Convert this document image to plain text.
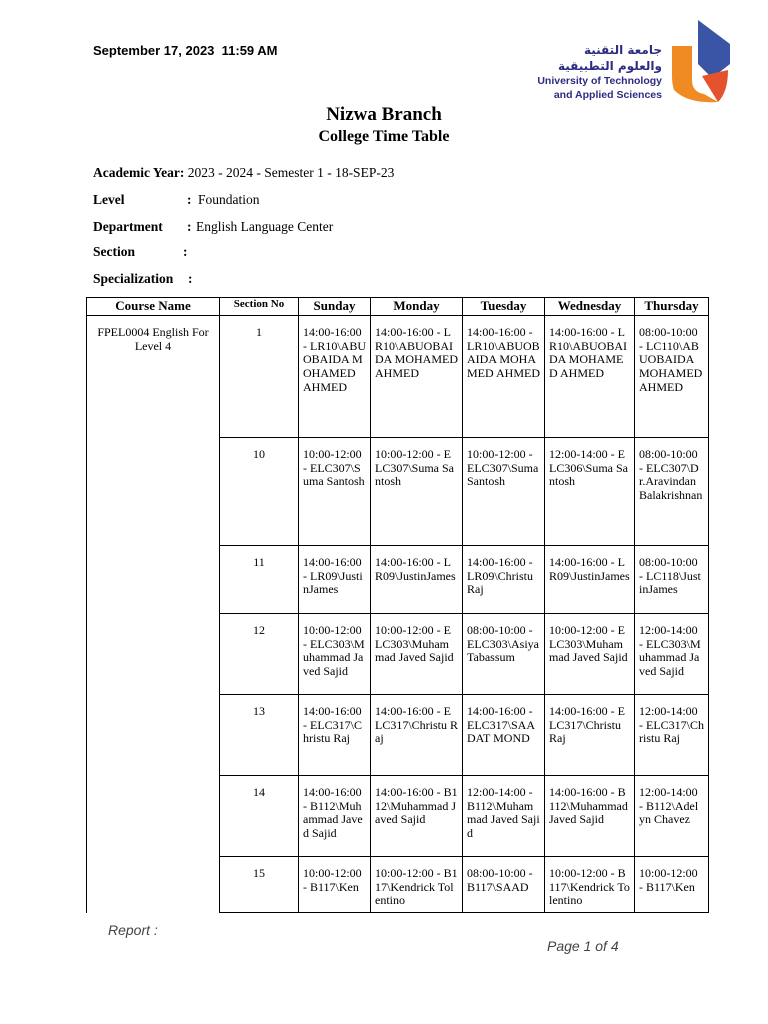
September 17, 2023  11:59 AM	جامعة التقنية
والعلوم التطبيقية
University of Technology
and Applied Sciences
Nizwa Branch
College Time Table
Academic Year: 2023 - 2024 - Semester 1 - 18-SEP-23
Level	: Foundation
Department : English Language Center
Section	:
Specialization :
Course Name	Section No	Sunday	Monday	Tuesday	Wednesday	Thursday
FPEL0004 English For Level 4	1	14:00-16:00 - LR10\ABUOBAIDA MOHAMED AHMED	14:00-16:00 - LR10\ABUOBAIDA MOHAMED AHMED	14:00-16:00 - LR10\ABUOBAIDA MOHAMED AHMED	14:00-16:00 - LR10\ABUOBAIDA MOHAMED AHMED	08:00-10:00 - LC110\ABUOBAIDA MOHAMED AHMED
	10	10:00-12:00 - ELC307\Suma Santosh	10:00-12:00 - ELC307\Suma Santosh	10:00-12:00 - ELC307\Suma Santosh	12:00-14:00 - ELC306\Suma Santosh	08:00-10:00 - ELC307\Dr.Aravindan Balakrishnan
	11	14:00-16:00 - LR09\JustinJames	14:00-16:00 - LR09\JustinJames	14:00-16:00 - LR09\Christu Raj	14:00-16:00 - LR09\JustinJames	08:00-10:00 - LC118\JustinJames
	12	10:00-12:00 - ELC303\Muhammad Javed Sajid	10:00-12:00 - ELC303\Muhammad Javed Sajid	08:00-10:00 - ELC303\Asiya Tabassum	10:00-12:00 - ELC303\Muhammad Javed Sajid	12:00-14:00 - ELC303\Muhammad Javed Sajid
	13	14:00-16:00 - ELC317\Christu Raj	14:00-16:00 - ELC317\Christu Raj	14:00-16:00 - ELC317\SAADAT MOND	14:00-16:00 - ELC317\Christu Raj	12:00-14:00 - ELC317\Christu Raj
	14	14:00-16:00 - B112\Muhammad Javed Sajid	14:00-16:00 - B112\Muhammad Javed Sajid	12:00-14:00 - B112\Muhammad Javed Sajid	14:00-16:00 - B112\Muhammad Javed Sajid	12:00-14:00 - B112\Adelyn Chavez
	15	10:00-12:00 - B117\Ken	10:00-12:00 - B117\Kendrick Tolentino	08:00-10:00 - B117\SAAD	10:00-12:00 - B117\Kendrick Tolentino	10:00-12:00 - B117\Ken
Report :
Page 1 of 4
